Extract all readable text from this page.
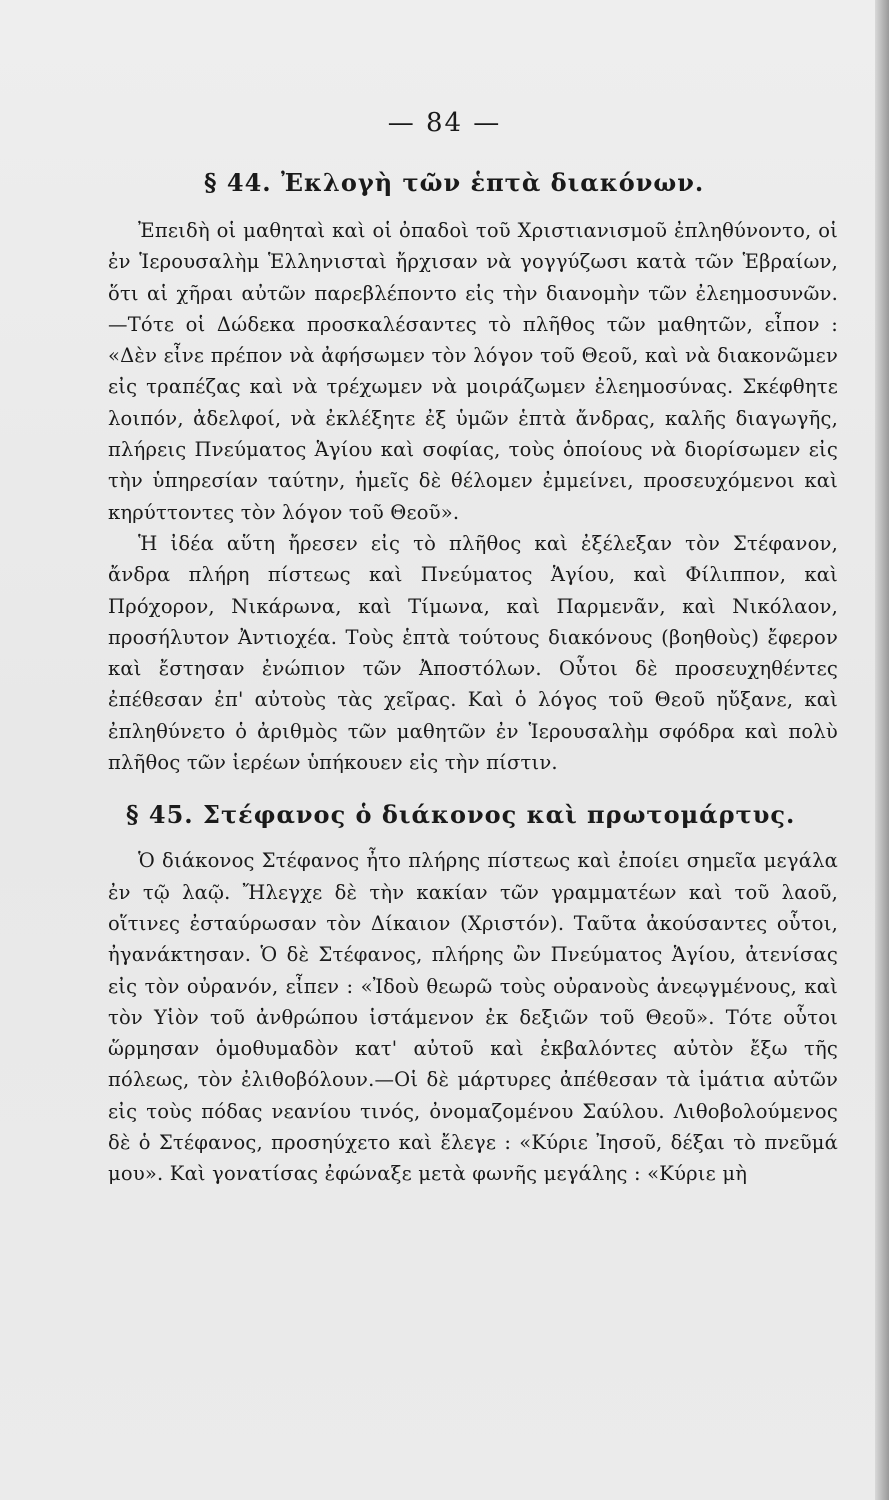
— 84 —
§ 44. Ἐκλογὴ τῶν ἑπτὰ διακόνων.

Ἐπειδὴ οἱ μαθηταὶ καὶ οἱ ὀπαδοὶ τοῦ Χριστιανισμοῦ ἐπληθύνοντο, οἱ ἐν Ἱερουσαλὴμ Ἑλληνισταὶ ἤρχισαν νὰ γογγύζωσι κατὰ τῶν Ἑβραίων, ὅτι αἱ χῆραι αὐτῶν παρεβλέποντο εἰς τὴν διανομὴν τῶν ἐλεημοσυνῶν. —Τότε οἱ Δώδεκα προσκαλέσαντες τὸ πλῆθος τῶν μαθητῶν, εἶπον : «Δὲν εἶνε πρέπον νὰ ἀφήσωμεν τὸν λόγον τοῦ Θεοῦ, καὶ νὰ διακονῶμεν εἰς τραπέζας καὶ νὰ τρέχωμεν νὰ μοιράζωμεν ἐλεημοσύνας. Σκέφθητε λοιπόν, ἀδελφοί, νὰ ἐκλέξητε ἐξ ὑμῶν ἑπτὰ ἄνδρας, καλῆς διαγωγῆς, πλήρεις Πνεύματος Ἁγίου καὶ σοφίας, τοὺς ὁποίους νὰ διορίσωμεν εἰς τὴν ὑπηρεσίαν ταύτην, ἡμεῖς δὲ θέλομεν ἐμμείνει, προσευχόμενοι καὶ κηρύττοντες τὸν λόγον τοῦ Θεοῦ».

Ἡ ἰδέα αὕτη ἤρεσεν εἰς τὸ πλῆθος καὶ ἐξέλεξαν τὸν Στέφανον, ἄνδρα πλήρη πίστεως καὶ Πνεύματος Ἁγίου, καὶ Φίλιππον, καὶ Πρόχορον, Νικάρωνα, καὶ Τίμωνα, καὶ Παρμενᾶν, καὶ Νικόλαον, προσήλυτον Ἀντιοχέα. Τοὺς ἑπτὰ τούτους διακόνους (βοηθοὺς) ἔφερον καὶ ἔστησαν ἐνώπιον τῶν Ἀποστόλων. Οὗτοι δὲ προσευχηθέντες ἐπέθεσαν ἐπ' αὐτοὺς τὰς χεῖρας. Καὶ ὁ λόγος τοῦ Θεοῦ ηὔξανε, καὶ ἐπληθύνετο ὁ ἀριθμὸς τῶν μαθητῶν ἐν Ἱερουσαλὴμ σφόδρα καὶ πολὺ πλῆθος τῶν ἱερέων ὑπήκουεν εἰς τὴν πίστιν.

§ 45. Στέφανος ὁ διάκονος καὶ πρωτομάρτυς.

Ὁ διάκονος Στέφανος ἦτο πλήρης πίστεως καὶ ἐποίει σημεῖα μεγάλα ἐν τῷ λαῷ. Ἤλεγχε δὲ τὴν κακίαν τῶν γραμματέων καὶ τοῦ λαοῦ, οἵτινες ἐσταύρωσαν τὸν Δίκαιον (Χριστόν). Ταῦτα ἀκούσαντες οὗτοι, ἠγανάκτησαν. Ὁ δὲ Στέφανος, πλήρης ὢν Πνεύματος Ἁγίου, ἀτενίσας εἰς τὸν οὐρανόν, εἶπεν : «Ἰδοὺ θεωρῶ τοὺς οὐρανοὺς ἀνεῳγμένους, καὶ τὸν Υἱὸν τοῦ ἀνθρώπου ἱστάμενον ἐκ δεξιῶν τοῦ Θεοῦ». Τότε οὗτοι ὥρμησαν ὁμοθυμαδὸν κατ' αὐτοῦ καὶ ἐκβαλόντες αὐτὸν ἔξω τῆς πόλεως, τὸν ἐλιθοβόλουν.—Οἱ δὲ μάρτυρες ἀπέθεσαν τὰ ἱμάτια αὐτῶν εἰς τοὺς πόδας νεανίου τινός, ὀνομαζομένου Σαύλου. Λιθοβολούμενος δὲ ὁ Στέφανος, προσηύχετο καὶ ἔλεγε : «Κύριε Ἰησοῦ, δέξαι τὸ πνεῦμά μου». Καὶ γονατίσας ἐφώναξε μετὰ φωνῆς μεγάλης : «Κύριε μὴ
